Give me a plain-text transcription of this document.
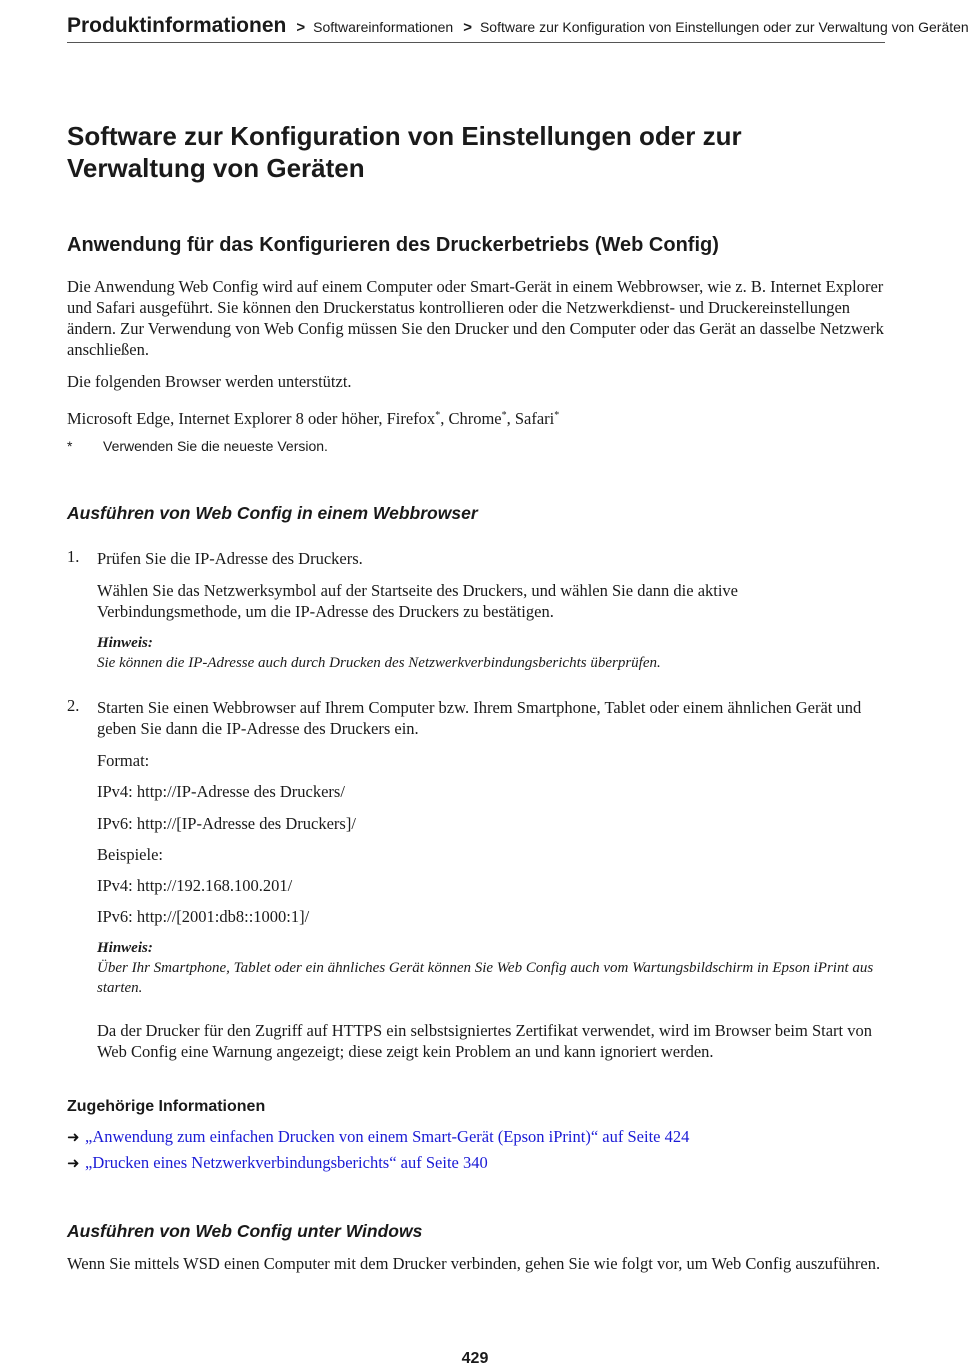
Produktinformationen > Softwareinformationen > Software zur Konfiguration von Einstellungen oder zur Verwaltung von Geräten
Software zur Konfiguration von Einstellungen oder zur Verwaltung von Geräten
Anwendung für das Konfigurieren des Druckerbetriebs (Web Config)

Die Anwendung Web Config wird auf einem Computer oder Smart-Gerät in einem Webbrowser, wie z. B. Internet Explorer und Safari ausgeführt. Sie können den Druckerstatus kontrollieren oder die Netzwerkdienst- und Druckereinstellungen ändern. Zur Verwendung von Web Config müssen Sie den Drucker und den Computer oder das Gerät an dasselbe Netzwerk anschließen.

Die folgenden Browser werden unterstützt.

Microsoft Edge, Internet Explorer 8 oder höher, Firefox*, Chrome*, Safari*

* Verwenden Sie die neueste Version.
Ausführen von Web Config in einem Webbrowser
1. Prüfen Sie die IP-Adresse des Druckers.

Wählen Sie das Netzwerksymbol auf der Startseite des Druckers, und wählen Sie dann die aktive Verbindungsmethode, um die IP-Adresse des Druckers zu bestätigen.

Hinweis:

Sie können die IP-Adresse auch durch Drucken des Netzwerkverbindungsberichts überprüfen.

2. Starten Sie einen Webbrowser auf Ihrem Computer bzw. Ihrem Smartphone, Tablet oder einem ähnlichen Gerät und geben Sie dann die IP-Adresse des Druckers ein.

Format:

IPv4: http://IP-Adresse des Druckers/

IPv6: http://[IP-Adresse des Druckers]/

Beispiele:

IPv4: http://192.168.100.201/

IPv6: http://[2001:db8::1000:1]/

Hinweis:

Über Ihr Smartphone, Tablet oder ein ähnliches Gerät können Sie Web Config auch vom Wartungsbildschirm in Epson iPrint aus starten.

Da der Drucker für den Zugriff auf HTTPS ein selbstsigniertes Zertifikat verwendet, wird im Browser beim Start von Web Config eine Warnung angezeigt; diese zeigt kein Problem an und kann ignoriert werden.

Zugehörige Informationen
➜ „Anwendung zum einfachen Drucken von einem Smart-Gerät (Epson iPrint)“ auf Seite 424
➜ „Drucken eines Netzwerkverbindungsberichts“ auf Seite 340
Ausführen von Web Config unter Windows

Wenn Sie mittels WSD einen Computer mit dem Drucker verbinden, gehen Sie wie folgt vor, um Web Config auszuführen.

429
